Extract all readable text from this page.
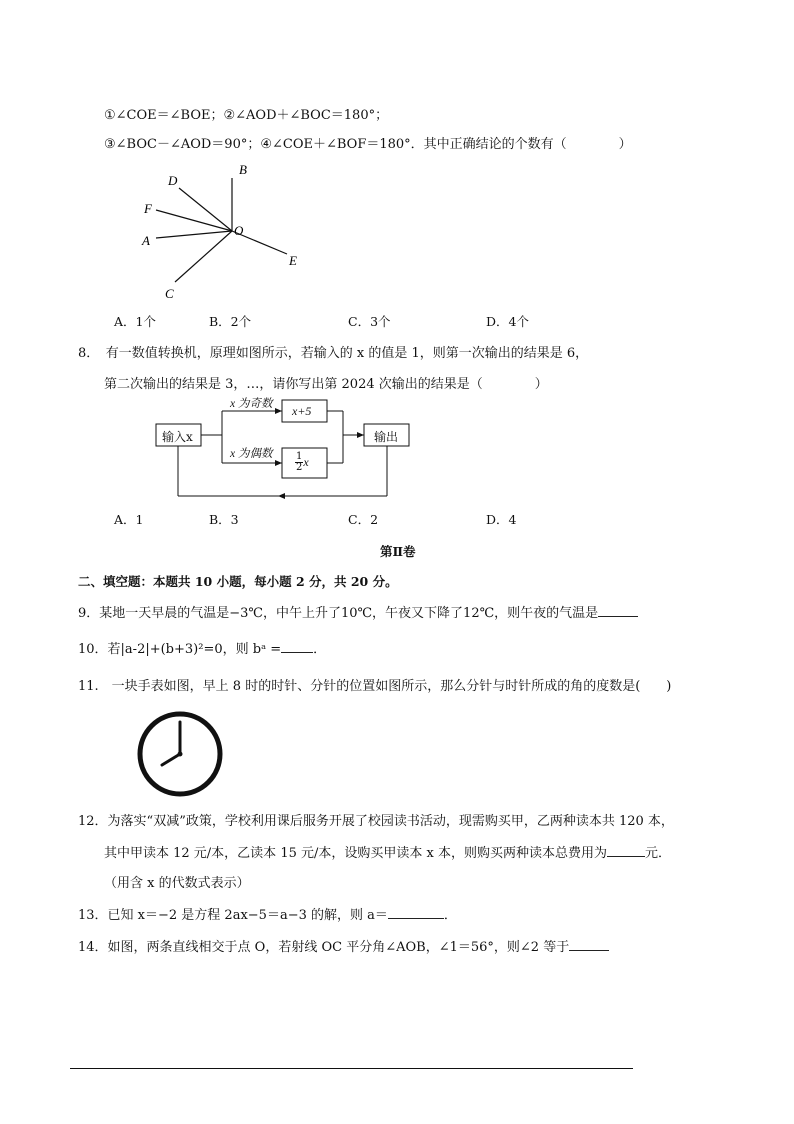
①∠COE＝∠BOE；②∠AOD＋∠BOC＝180°；
③∠BOC－∠AOD＝90°；④∠COE＋∠BOF＝180°．其中正确结论的个数有（　　　　）
B
D
F
A
O
E
C
A．1个	B．2个	C．3个	D．4个
8．　有一数值转换机，原理如图所示，若输入的 x 的值是 1，则第一次输出的结果是 6，
第二次输出的结果是 3，…，请你写出第 2024 次输出的结果是（　　　　）
输入x
x 为奇数 x+5
x 为偶数 $\frac{1}{2}$ x
输出
A．1	B．3	C．2	D．4
第Ⅱ卷
二、填空题：本题共 10 小题，每小题 2 分，共 20 分。
9．某地一天早晨的气温是−3℃，中午上升了10℃，午夜又下降了12℃，则午夜的气温是
10．若|a-2|+(b+3)²=0，则 bᵃ = ．
11.　一块手表如图，早上 8 时的时针、分针的位置如图所示，那么分针与时针所成的角的度数是(　　)
12．为落实“双减”政策，学校利用课后服务开展了校园读书活动，现需购买甲，乙两种读本共 120 本，
其中甲读本 12 元/本，乙读本 15 元/本，设购买甲读本 x 本，则购买两种读本总费用为	元．
（用含 x 的代数式表示）
13．已知 x＝−2 是方程 2ax−5＝a−3 的解，则 a＝	．
14．如图，两条直线相交于点 O，若射线 OC 平分角∠AOB，∠1＝56°，则∠2 等于
